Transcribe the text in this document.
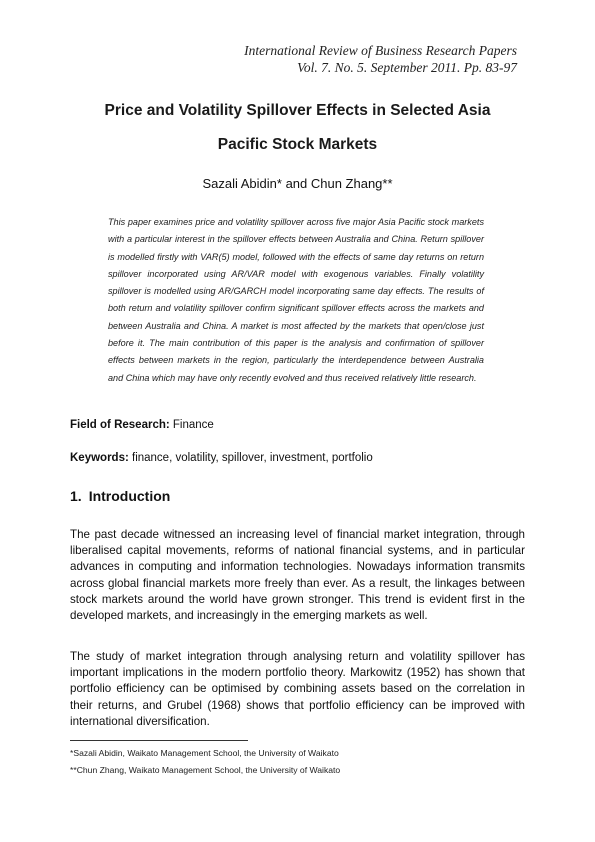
International Review of Business Research Papers
Vol. 7. No. 5. September 2011. Pp. 83-97
Price and Volatility Spillover Effects in Selected Asia
Pacific Stock Markets
Sazali Abidin* and Chun Zhang**
This paper examines price and volatility spillover across five major Asia Pacific stock markets with a particular interest in the spillover effects between Australia and China. Return spillover is modelled firstly with VAR(5) model, followed with the effects of same day returns on return spillover incorporated using AR/VAR model with exogenous variables. Finally volatility spillover is modelled using AR/GARCH model incorporating same day effects. The results of both return and volatility spillover confirm significant spillover effects across the markets and between Australia and China. A market is most affected by the markets that open/close just before it. The main contribution of this paper is the analysis and confirmation of spillover effects between markets in the region, particularly the interdependence between Australia and China which may have only recently evolved and thus received relatively little research.
Field of Research: Finance
Keywords: finance, volatility, spillover, investment, portfolio
1. Introduction
The past decade witnessed an increasing level of financial market integration, through liberalised capital movements, reforms of national financial systems, and in particular advances in computing and information technologies. Nowadays information transmits across global financial markets more freely than ever. As a result, the linkages between stock markets around the world have grown stronger. This trend is evident first in the developed markets, and increasingly in the emerging markets as well.
The study of market integration through analysing return and volatility spillover has important implications in the modern portfolio theory. Markowitz (1952) has shown that portfolio efficiency can be optimised by combining assets based on the correlation in their returns, and Grubel (1968) shows that portfolio efficiency can be improved with international diversification.
*Sazali Abidin, Waikato Management School, the University of Waikato
**Chun Zhang, Waikato Management School, the University of Waikato
